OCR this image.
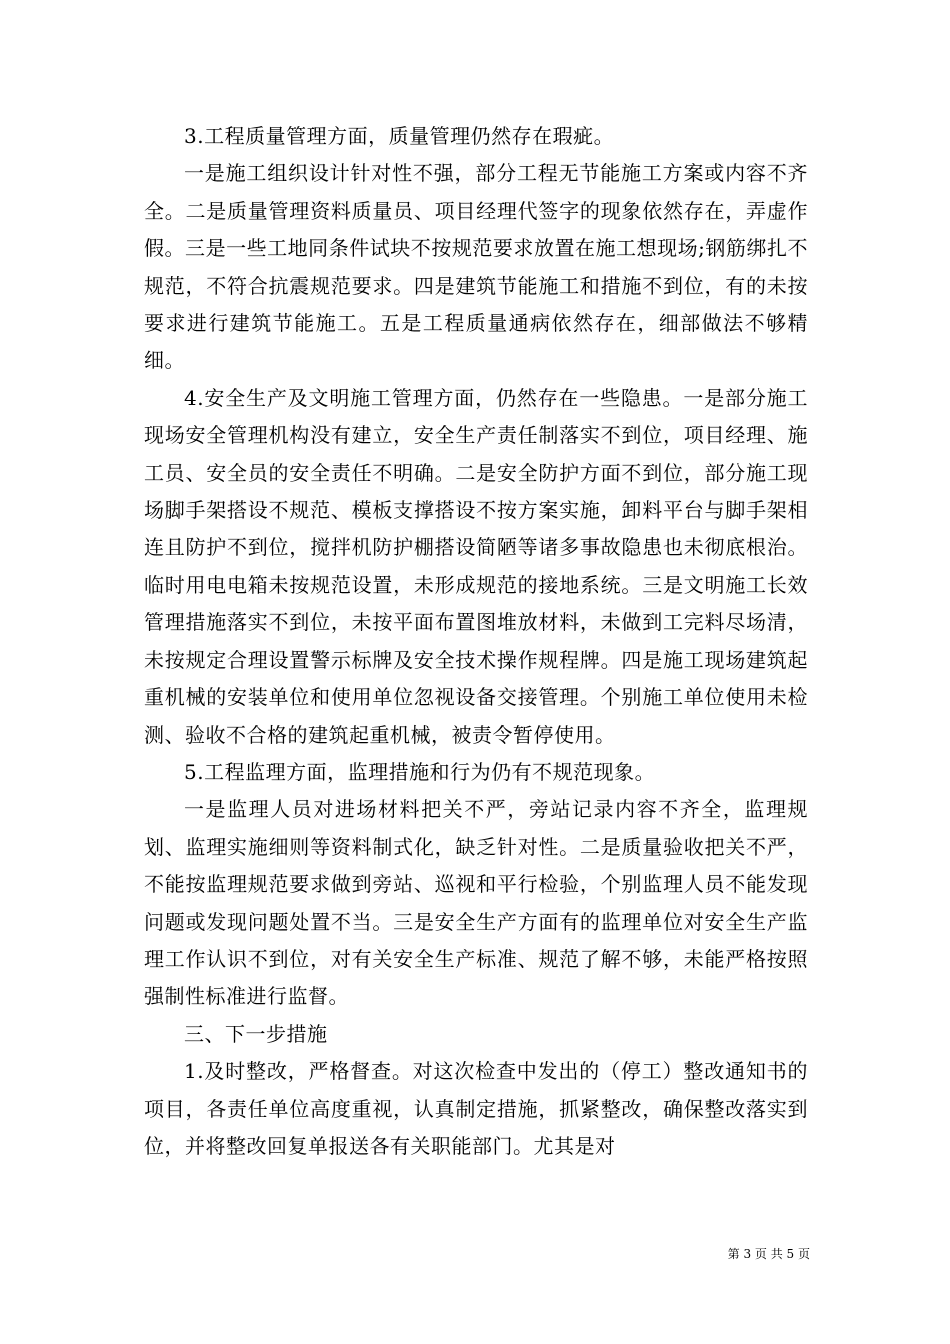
3.工程质量管理方面，质量管理仍然存在瑕疵。

一是施工组织设计针对性不强，部分工程无节能施工方案或内容不齐全。二是质量管理资料质量员、项目经理代签字的现象依然存在，弄虚作假。三是一些工地同条件试块不按规范要求放置在施工想现场;钢筋绑扎不规范，不符合抗震规范要求。四是建筑节能施工和措施不到位，有的未按要求进行建筑节能施工。五是工程质量通病依然存在，细部做法不够精细。

4.安全生产及文明施工管理方面，仍然存在一些隐患。一是部分施工现场安全管理机构没有建立，安全生产责任制落实不到位，项目经理、施工员、安全员的安全责任不明确。二是安全防护方面不到位，部分施工现场脚手架搭设不规范、模板支撑搭设不按方案实施，卸料平台与脚手架相连且防护不到位，搅拌机防护棚搭设简陋等诸多事故隐患也未彻底根治。临时用电电箱未按规范设置，未形成规范的接地系统。三是文明施工长效管理措施落实不到位，未按平面布置图堆放材料，未做到工完料尽场清，未按规定合理设置警示标牌及安全技术操作规程牌。四是施工现场建筑起重机械的安装单位和使用单位忽视设备交接管理。个别施工单位使用未检测、验收不合格的建筑起重机械，被责令暂停使用。

5.工程监理方面，监理措施和行为仍有不规范现象。

一是监理人员对进场材料把关不严，旁站记录内容不齐全，监理规划、监理实施细则等资料制式化，缺乏针对性。二是质量验收把关不严，不能按监理规范要求做到旁站、巡视和平行检验，个别监理人员不能发现问题或发现问题处置不当。三是安全生产方面有的监理单位对安全生产监理工作认识不到位，对有关安全生产标准、规范了解不够，未能严格按照强制性标准进行监督。

三、下一步措施

1.及时整改，严格督查。对这次检查中发出的（停工）整改通知书的项目，各责任单位高度重视，认真制定措施，抓紧整改，确保整改落实到位，并将整改回复单报送各有关职能部门。尤其是对

第 3 页 共 5 页
